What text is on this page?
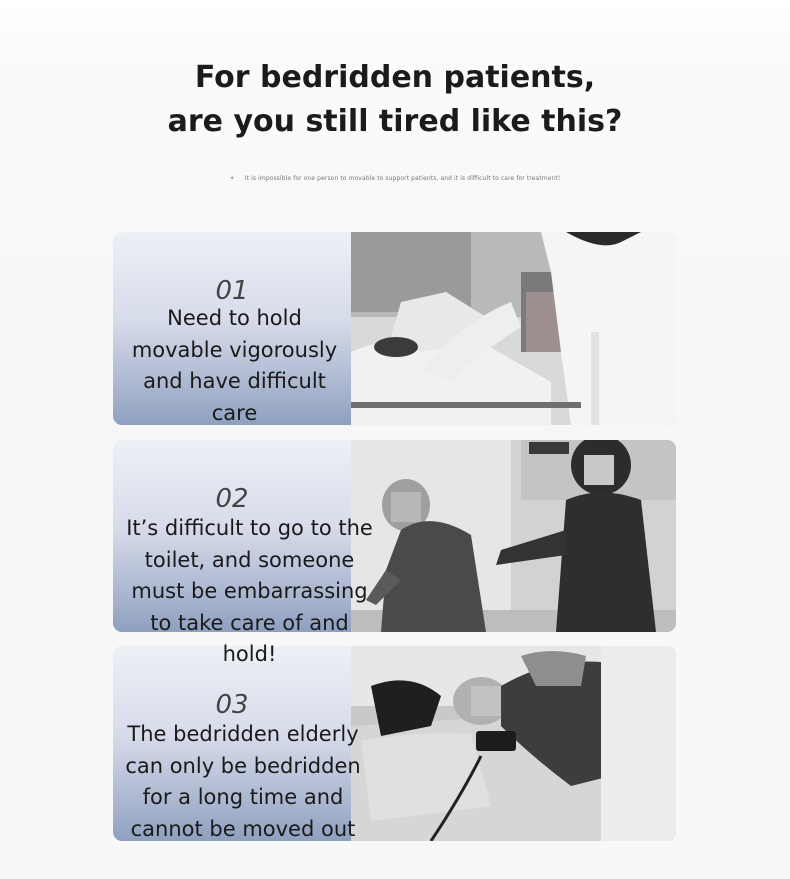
For bedridden patients,
are you still tired like this?
✦ It is impossible for one person to movable to support patients, and it is difficult to care for treatment!
01
Need to hold
movable vigorously
and have difficult
care
02
It’s difficult to go to the
toilet, and someone
must be embarrassing
to take care of and
hold!
03
The bedridden elderly
can only be bedridden
for a long time and
cannot be moved out
